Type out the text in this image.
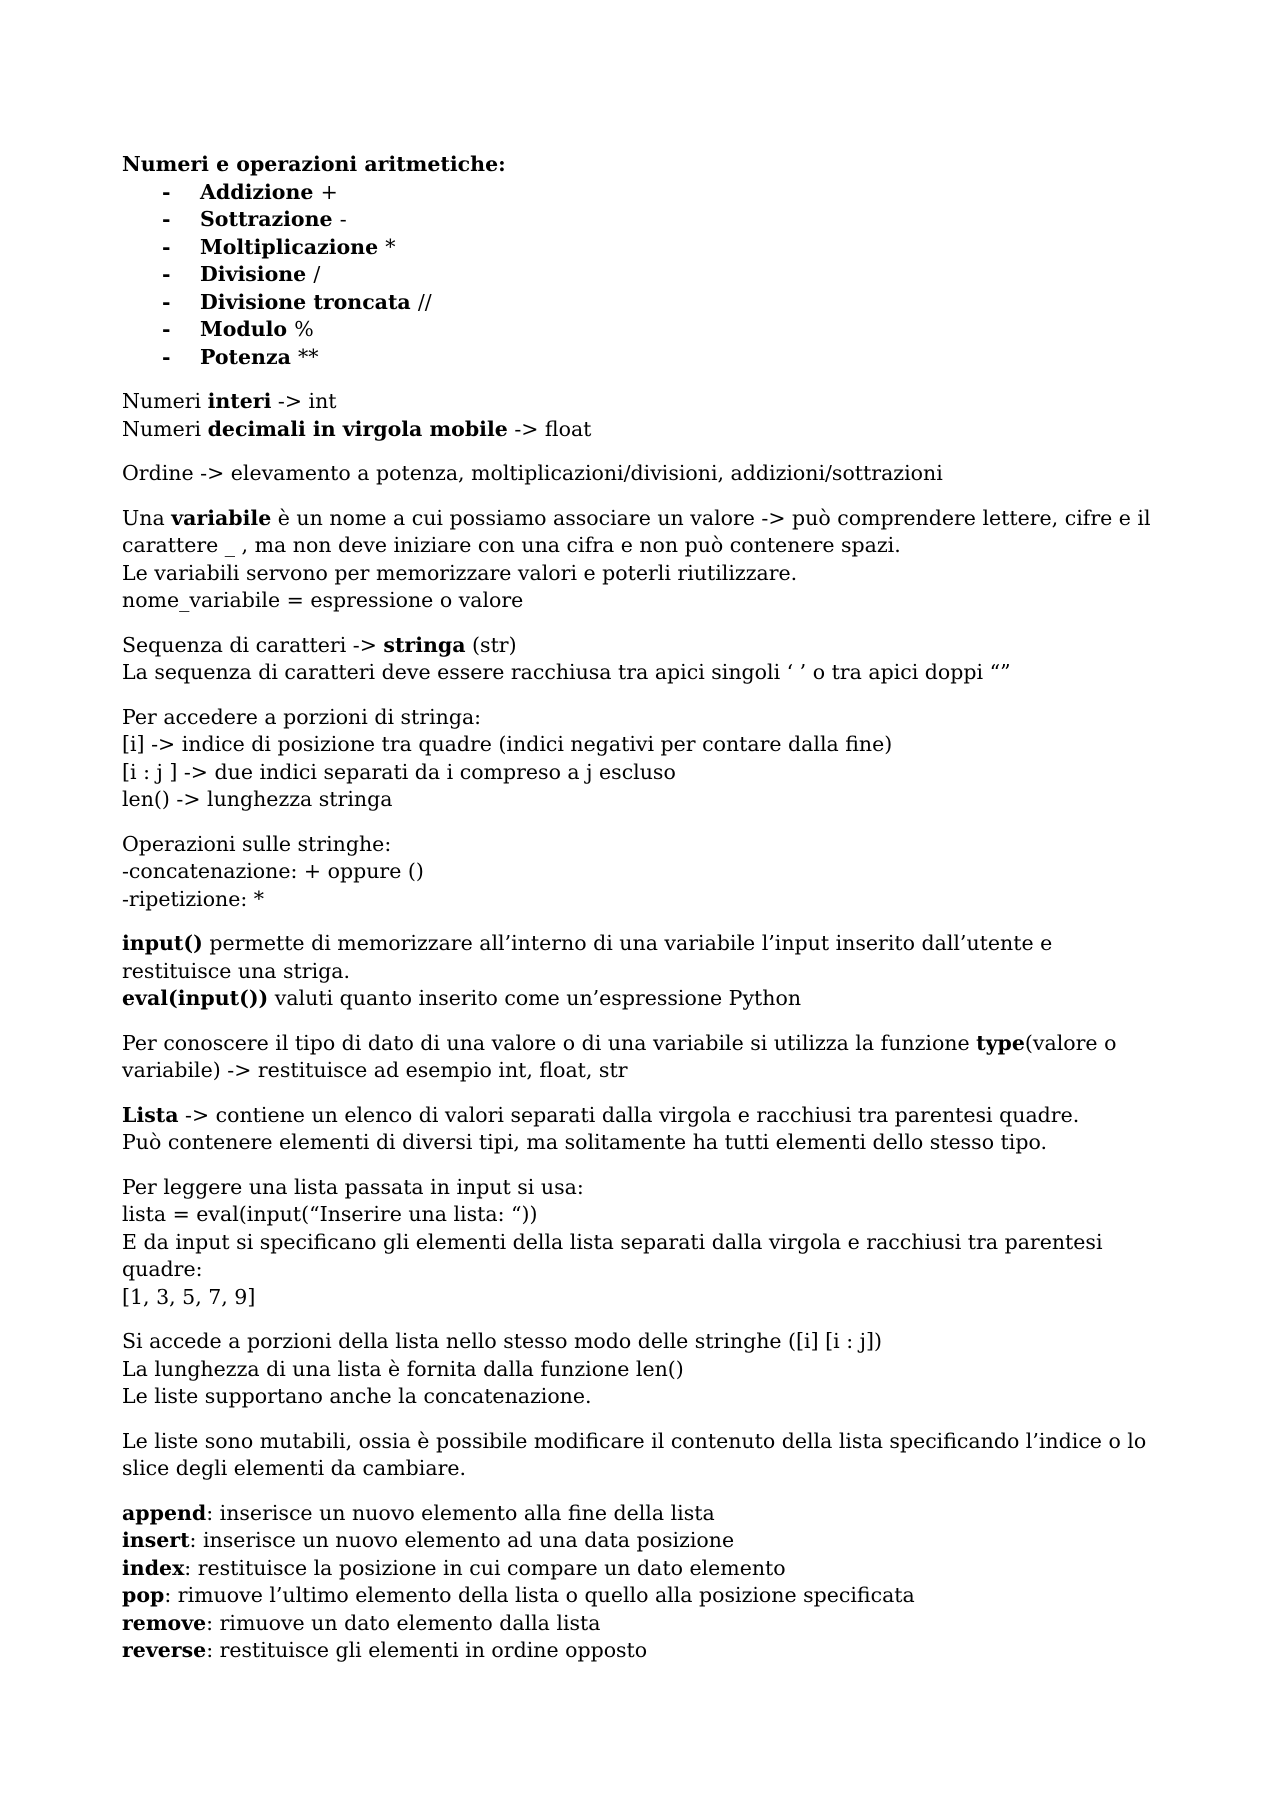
Numeri e operazioni aritmetiche:

- Addizione +
- Sottrazione -
- Moltiplicazione *
- Divisione /
- Divisione troncata //
- Modulo %
- Potenza **

Numeri interi -> int
Numeri decimali in virgola mobile -> float

Ordine -> elevamento a potenza, moltiplicazioni/divisioni, addizioni/sottrazioni

Una variabile è un nome a cui possiamo associare un valore -> può comprendere lettere, cifre e il carattere _ , ma non deve iniziare con una cifra e non può contenere spazi.
Le variabili servono per memorizzare valori e poterli riutilizzare.
nome_variabile = espressione o valore

Sequenza di caratteri -> stringa (str)
La sequenza di caratteri deve essere racchiusa tra apici singoli ‘ ’ o tra apici doppi “”

Per accedere a porzioni di stringa:
[i] -> indice di posizione tra quadre (indici negativi per contare dalla fine)
[i : j ] -> due indici separati da i compreso a j escluso
len() -> lunghezza stringa

Operazioni sulle stringhe:
-concatenazione: + oppure ()
-ripetizione: *

input() permette di memorizzare all’interno di una variabile l’input inserito dall’utente e restituisce una striga.
eval(input()) valuti quanto inserito come un’espressione Python

Per conoscere il tipo di dato di una valore o di una variabile si utilizza la funzione type(valore o variabile) -> restituisce ad esempio int, float, str

Lista -> contiene un elenco di valori separati dalla virgola e racchiusi tra parentesi quadre.
Può contenere elementi di diversi tipi, ma solitamente ha tutti elementi dello stesso tipo.

Per leggere una lista passata in input si usa:
lista = eval(input(“Inserire una lista: “))
E da input si specificano gli elementi della lista separati dalla virgola e racchiusi tra parentesi quadre:
[1, 3, 5, 7, 9]

Si accede a porzioni della lista nello stesso modo delle stringhe ([i] [i : j])
La lunghezza di una lista è fornita dalla funzione len()
Le liste supportano anche la concatenazione.

Le liste sono mutabili, ossia è possibile modificare il contenuto della lista specificando l’indice o lo slice degli elementi da cambiare.

append: inserisce un nuovo elemento alla fine della lista
insert: inserisce un nuovo elemento ad una data posizione
index: restituisce la posizione in cui compare un dato elemento
pop: rimuove l’ultimo elemento della lista o quello alla posizione specificata
remove: rimuove un dato elemento dalla lista
reverse: restituisce gli elementi in ordine opposto
